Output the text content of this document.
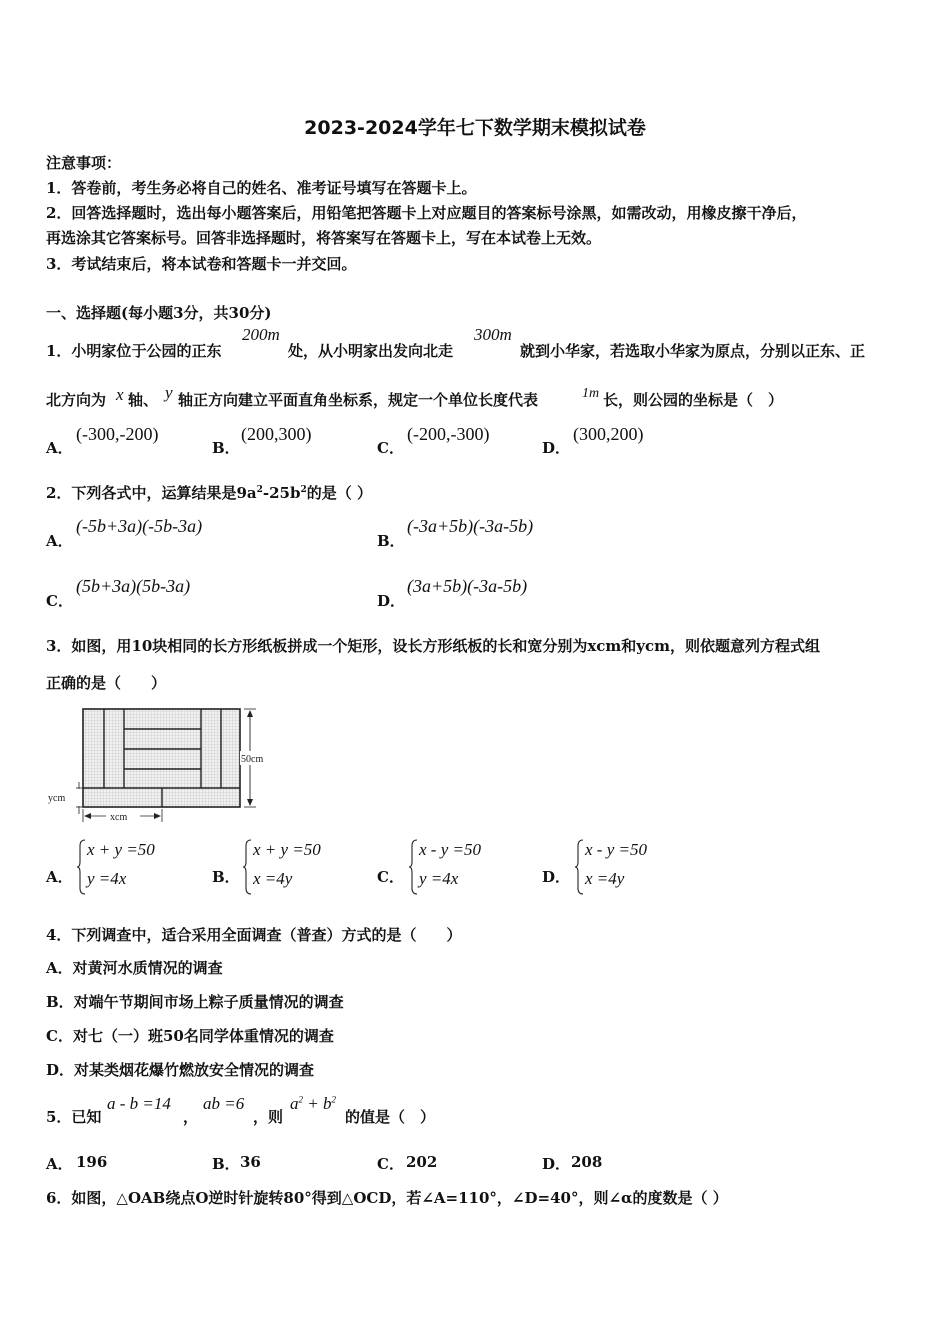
2023-2024学年七下数学期末模拟试卷
注意事项：
1．答卷前，考生务必将自己的姓名、准考证号填写在答题卡上。
2．回答选择题时，选出每小题答案后，用铅笔把答题卡上对应题目的答案标号涂黑，如需改动，用橡皮擦干净后，
再选涂其它答案标号。回答非选择题时，将答案写在答题卡上，写在本试卷上无效。
3．考试结束后，将本试卷和答题卡一并交回。
一、选择题(每小题3分，共30分)
1．小明家位于公园的正东
200m
处，从小明家出发向北走
300m
就到小华家，若选取小华家为原点，分别以正东、正
北方向为 x 轴、 y 轴正方向建立平面直角坐标系，规定一个单位长度代表	1m 长，则公园的坐标是（　）
A．
(-300,-200)
B．
(200,300)
C．
(-200,-300)
D．
(300,200)
2．下列各式中，运算结果是$9a^2-25b^2$的是（ ）
A．
(-5b+3a)(-5b-3a)
B．
(-3a+5b)(-3a-5b)
C．
(5b+3a)(5b-3a)
D．
(3a+5b)(-3a-5b)
3．如图，用10块相同的长方形纸板拼成一个矩形，设长方形纸板的长和宽分别为xcm和ycm，则依题意列方程式组
正确的是（　　）
50cm
ycm
xcm
A．
x + y =50
y =4x	B．
x + y =50
x =4y	C．
x - y =50
y =4x	D．
x - y =50
x =4y
4．下列调查中，适合采用全面调查（普查）方式的是（　　）
A．对黄河水质情况的调查
B．对端午节期间市场上粽子质量情况的调查
C．对七（一）班50名同学体重情况的调查
D．对某类烟花爆竹燃放安全情况的调查
5．已知
a - b =14
，
ab =6
，则
$a^2 + b^2$
的值是（　）
A． 196	B． 36	C． 202	D． 208
6．如图，△OAB绕点O逆时针旋转80°得到△OCD，若∠A=110°，∠D=40°，则∠α的度数是（ ）
